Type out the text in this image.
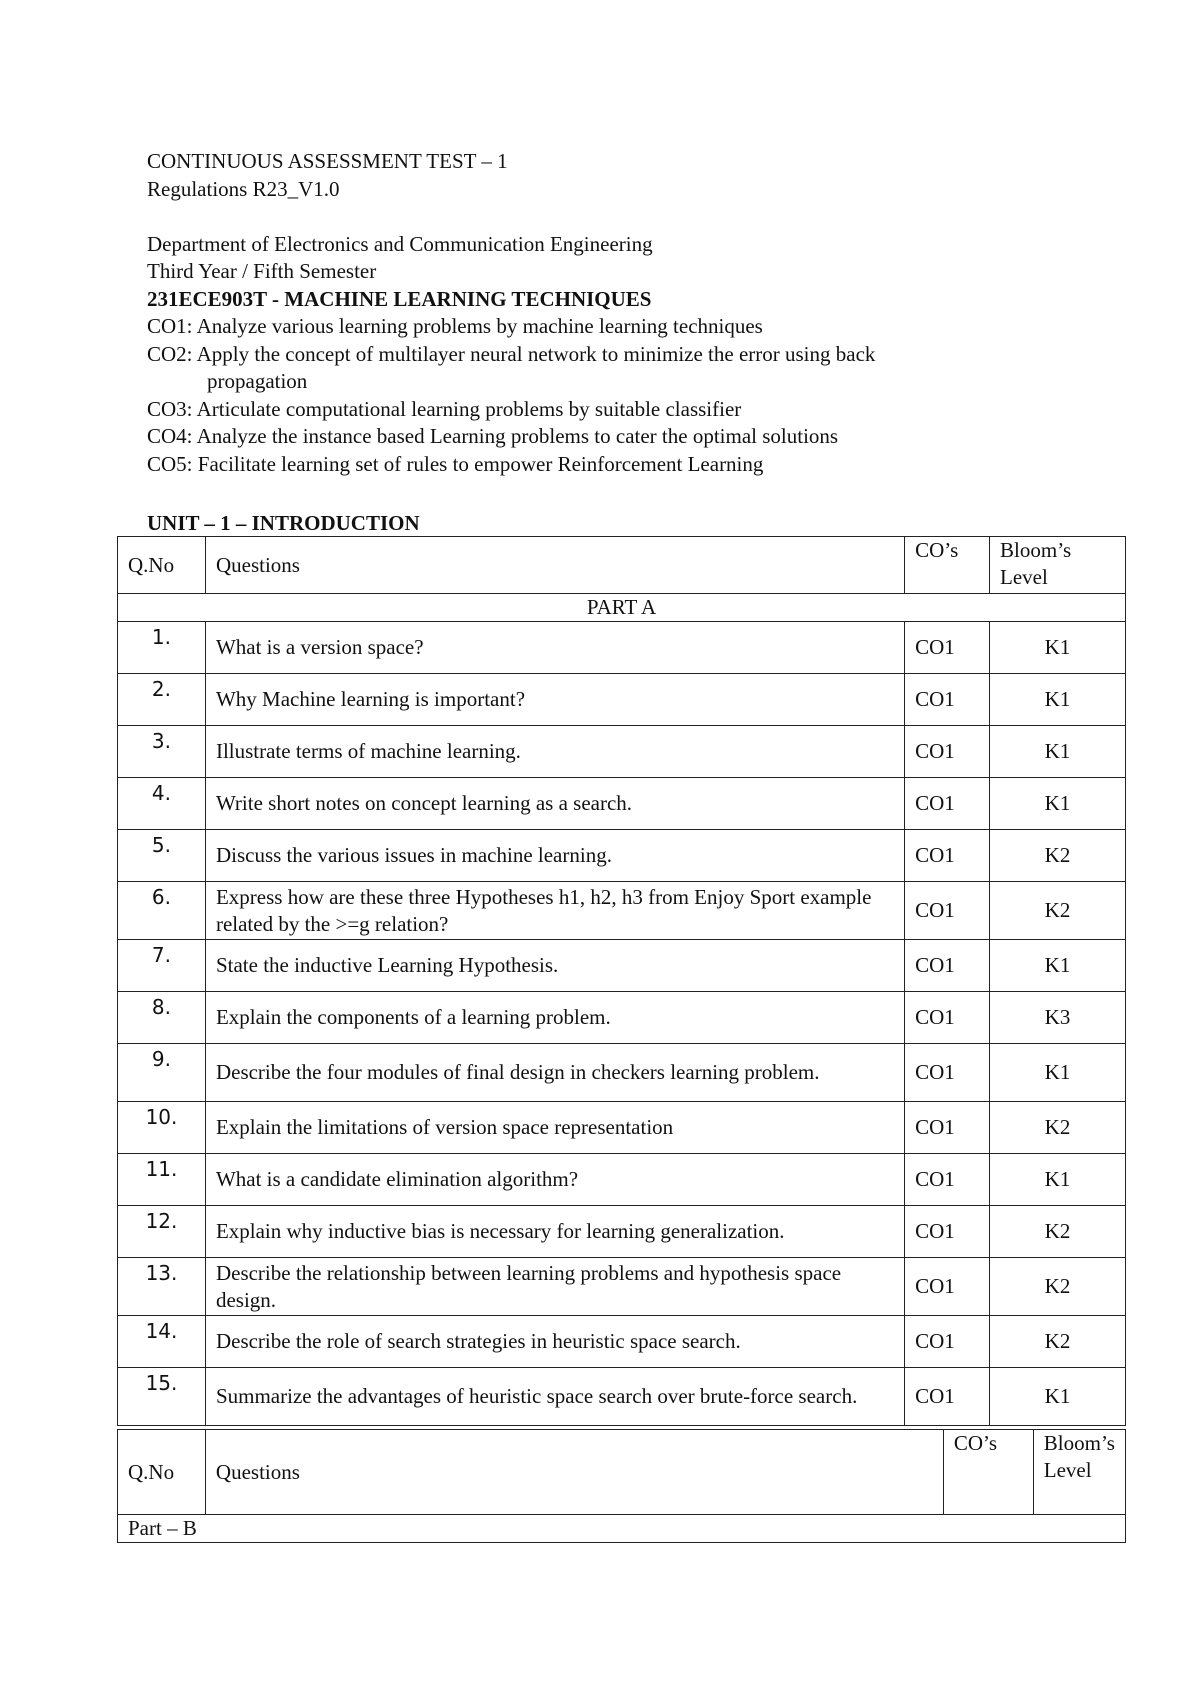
CONTINUOUS ASSESSMENT TEST – 1
Regulations R23_V1.0
Department of Electronics and Communication Engineering
Third Year / Fifth Semester
231ECE903T - MACHINE LEARNING TECHNIQUES
CO1: Analyze various learning problems by machine learning techniques
CO2: Apply the concept of multilayer neural network to minimize the error using back
propagation
CO3: Articulate computational learning problems by suitable classifier
CO4: Analyze the instance based Learning problems to cater the optimal solutions
CO5: Facilitate learning set of rules to empower Reinforcement Learning
UNIT – 1 – INTRODUCTION
Q.No	Questions	CO’s	Bloom’s Level
PART A			
1.	What is a version space?	CO1	K1
2.	Why Machine learning is important?	CO1	K1
3.	Illustrate terms of machine learning.	CO1	K1
4.	Write short notes on concept learning as a search.	CO1	K1
5.	Discuss the various issues in machine learning.	CO1	K2
6.	Express how are these three Hypotheses h1, h2, h3 from Enjoy Sport example related by the >=g relation?	CO1	K2
7.	State the inductive Learning Hypothesis.	CO1	K1
8.	Explain the components of a learning problem.	CO1	K3
9.	Describe the four modules of final design in checkers learning problem.	CO1	K1
10.	Explain the limitations of version space representation	CO1	K2
11.	What is a candidate elimination algorithm?	CO1	K1
12.	Explain why inductive bias is necessary for learning generalization.	CO1	K2
13.	Describe the relationship between learning problems and hypothesis space design.	CO1	K2
14.	Describe the role of search strategies in heuristic space search.	CO1	K2
15.	Summarize the advantages of heuristic space search over brute-force search.	CO1	K1
Q.No	Questions	CO’s	Bloom’s Level
Part – B
